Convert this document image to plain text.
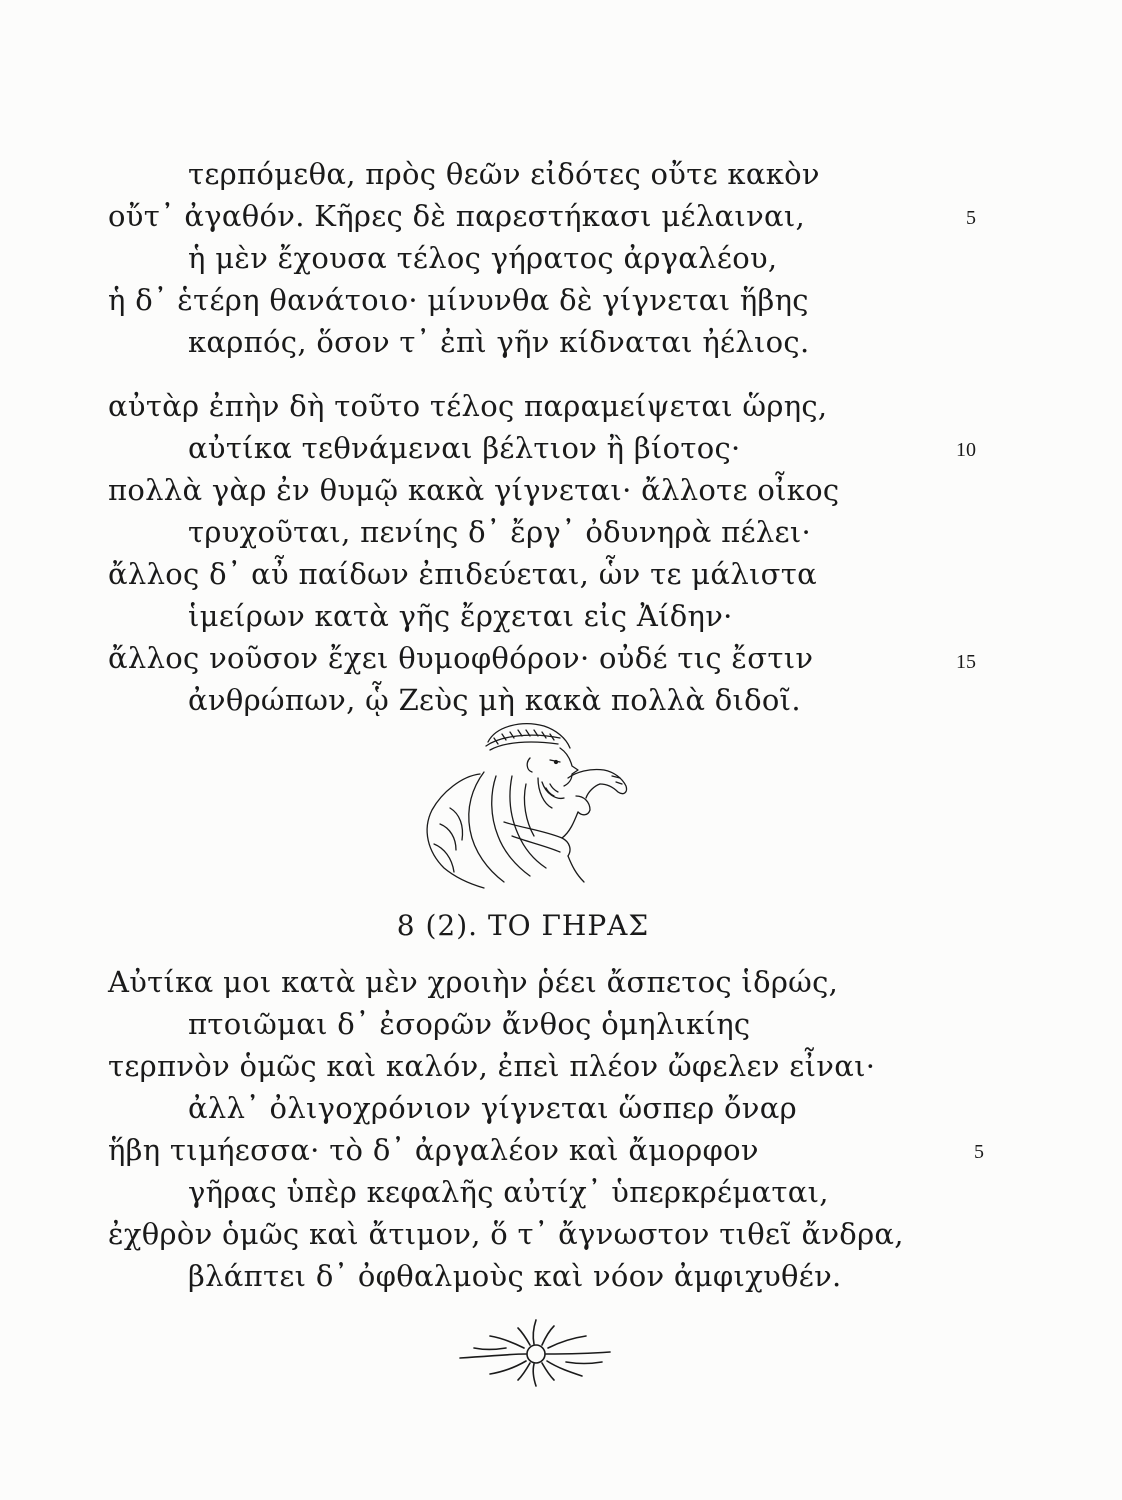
τερπόμεθα, πρὸς θεῶν εἰδότες οὔτε κακὸν
οὔτ᾽ ἀγαθόν. Κῆρες δὲ παρεστήκασι μέλαιναι,	5
ἡ μὲν ἔχουσα τέλος γήρατος ἀργαλέου,
ἡ δ᾽ ἑτέρη θανάτοιο· μίνυνθα δὲ γίγνεται ἥβης
καρπός, ὅσον τ᾽ ἐπὶ γῆν κίδναται ἠέλιος.
αὐτὰρ ἐπὴν δὴ τοῦτο τέλος παραμείψεται ὥρης,
αὐτίκα τεθνάμεναι βέλτιον ἢ βίοτος·	10
πολλὰ γὰρ ἐν θυμῷ κακὰ γίγνεται· ἄλλοτε οἶκος
τρυχοῦται, πενίης δ᾽ ἔργ᾽ ὀδυνηρὰ πέλει·
ἄλλος δ᾽ αὖ παίδων ἐπιδεύεται, ὧν τε μάλιστα
ἱμείρων κατὰ γῆς ἔρχεται εἰς Ἀίδην·
ἄλλος νοῦσον ἔχει θυμοφθόρον· οὐδέ τις ἔστιν	15
ἀνθρώπων, ᾧ Ζεὺς μὴ κακὰ πολλὰ διδοῖ.
8 (2). ΤΟ ΓΗΡΑΣ
Αὐτίκα μοι κατὰ μὲν χροιὴν ῥέει ἄσπετος ἱδρώς,
πτοιῶμαι δ᾽ ἐσορῶν ἄνθος ὁμηλικίης
τερπνὸν ὁμῶς καὶ καλόν, ἐπεὶ πλέον ὤφελεν εἶναι·
ἀλλ᾽ ὀλιγοχρόνιον γίγνεται ὥσπερ ὄναρ
ἥβη τιμήεσσα· τὸ δ᾽ ἀργαλέον καὶ ἄμορφον	5
γῆρας ὑπὲρ κεφαλῆς αὐτίχ᾽ ὑπερκρέμαται,
ἐχθρὸν ὁμῶς καὶ ἄτιμον, ὅ τ᾽ ἄγνωστον τιθεῖ ἄνδρα,
βλάπτει δ᾽ ὀφθαλμοὺς καὶ νόον ἀμφιχυθέν.
